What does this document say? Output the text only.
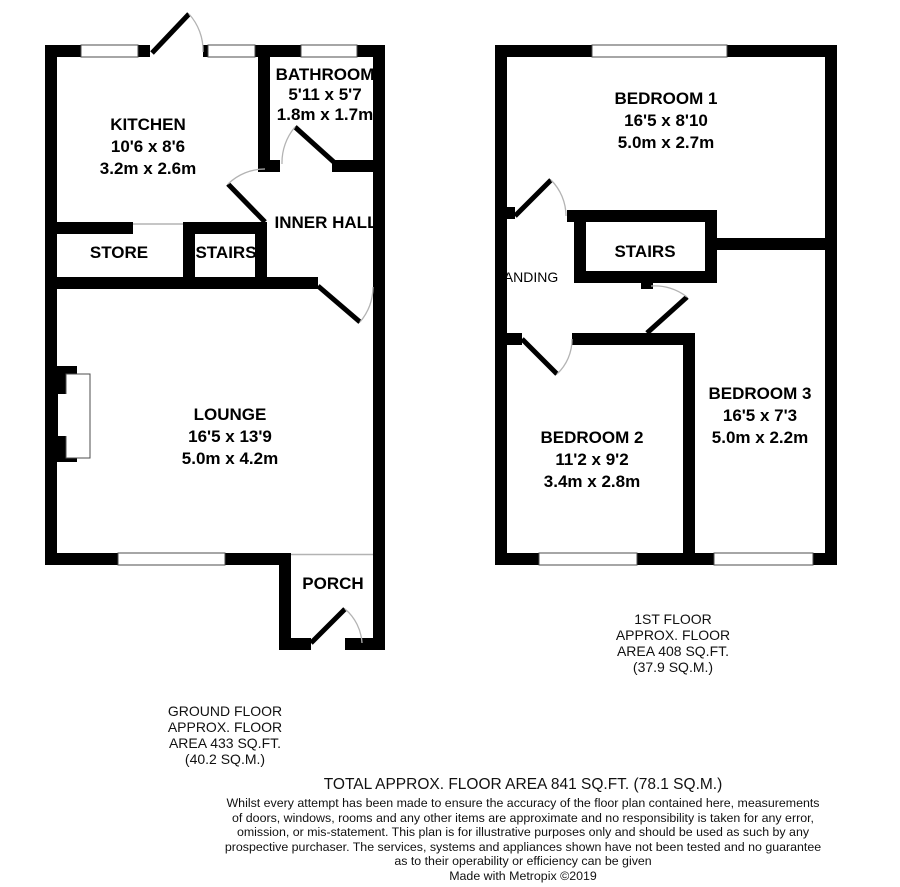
KITCHEN
10'6 x 8'6
3.2m x 2.6m
BATHROOM
5'11 x 5'7
1.8m x 1.7m
INNER HALL
STORE	STAIRS
LOUNGE
16'5 x 13'9
5.0m x 4.2m
PORCH
BEDROOM 1
16'5 x 8'10
5.0m x 2.7m
STAIRS
LANDING
BEDROOM 2
11'2 x 9'2
3.4m x 2.8m
BEDROOM 3
16'5 x 7'3
5.0m x 2.2m
GROUND FLOOR
APPROX. FLOOR
AREA 433 SQ.FT.
(40.2 SQ.M.)
1ST FLOOR
APPROX. FLOOR
AREA 408 SQ.FT.
(37.9 SQ.M.)
TOTAL APPROX. FLOOR AREA 841 SQ.FT. (78.1 SQ.M.)
Whilst every attempt has been made to ensure the accuracy of the floor plan contained here, measurements
of doors, windows, rooms and any other items are approximate and no responsibility is taken for any error,
omission, or mis-statement. This plan is for illustrative purposes only and should be used as such by any
prospective purchaser. The services, systems and appliances shown have not been tested and no guarantee
as to their operability or efficiency can be given
Made with Metropix ©2019
